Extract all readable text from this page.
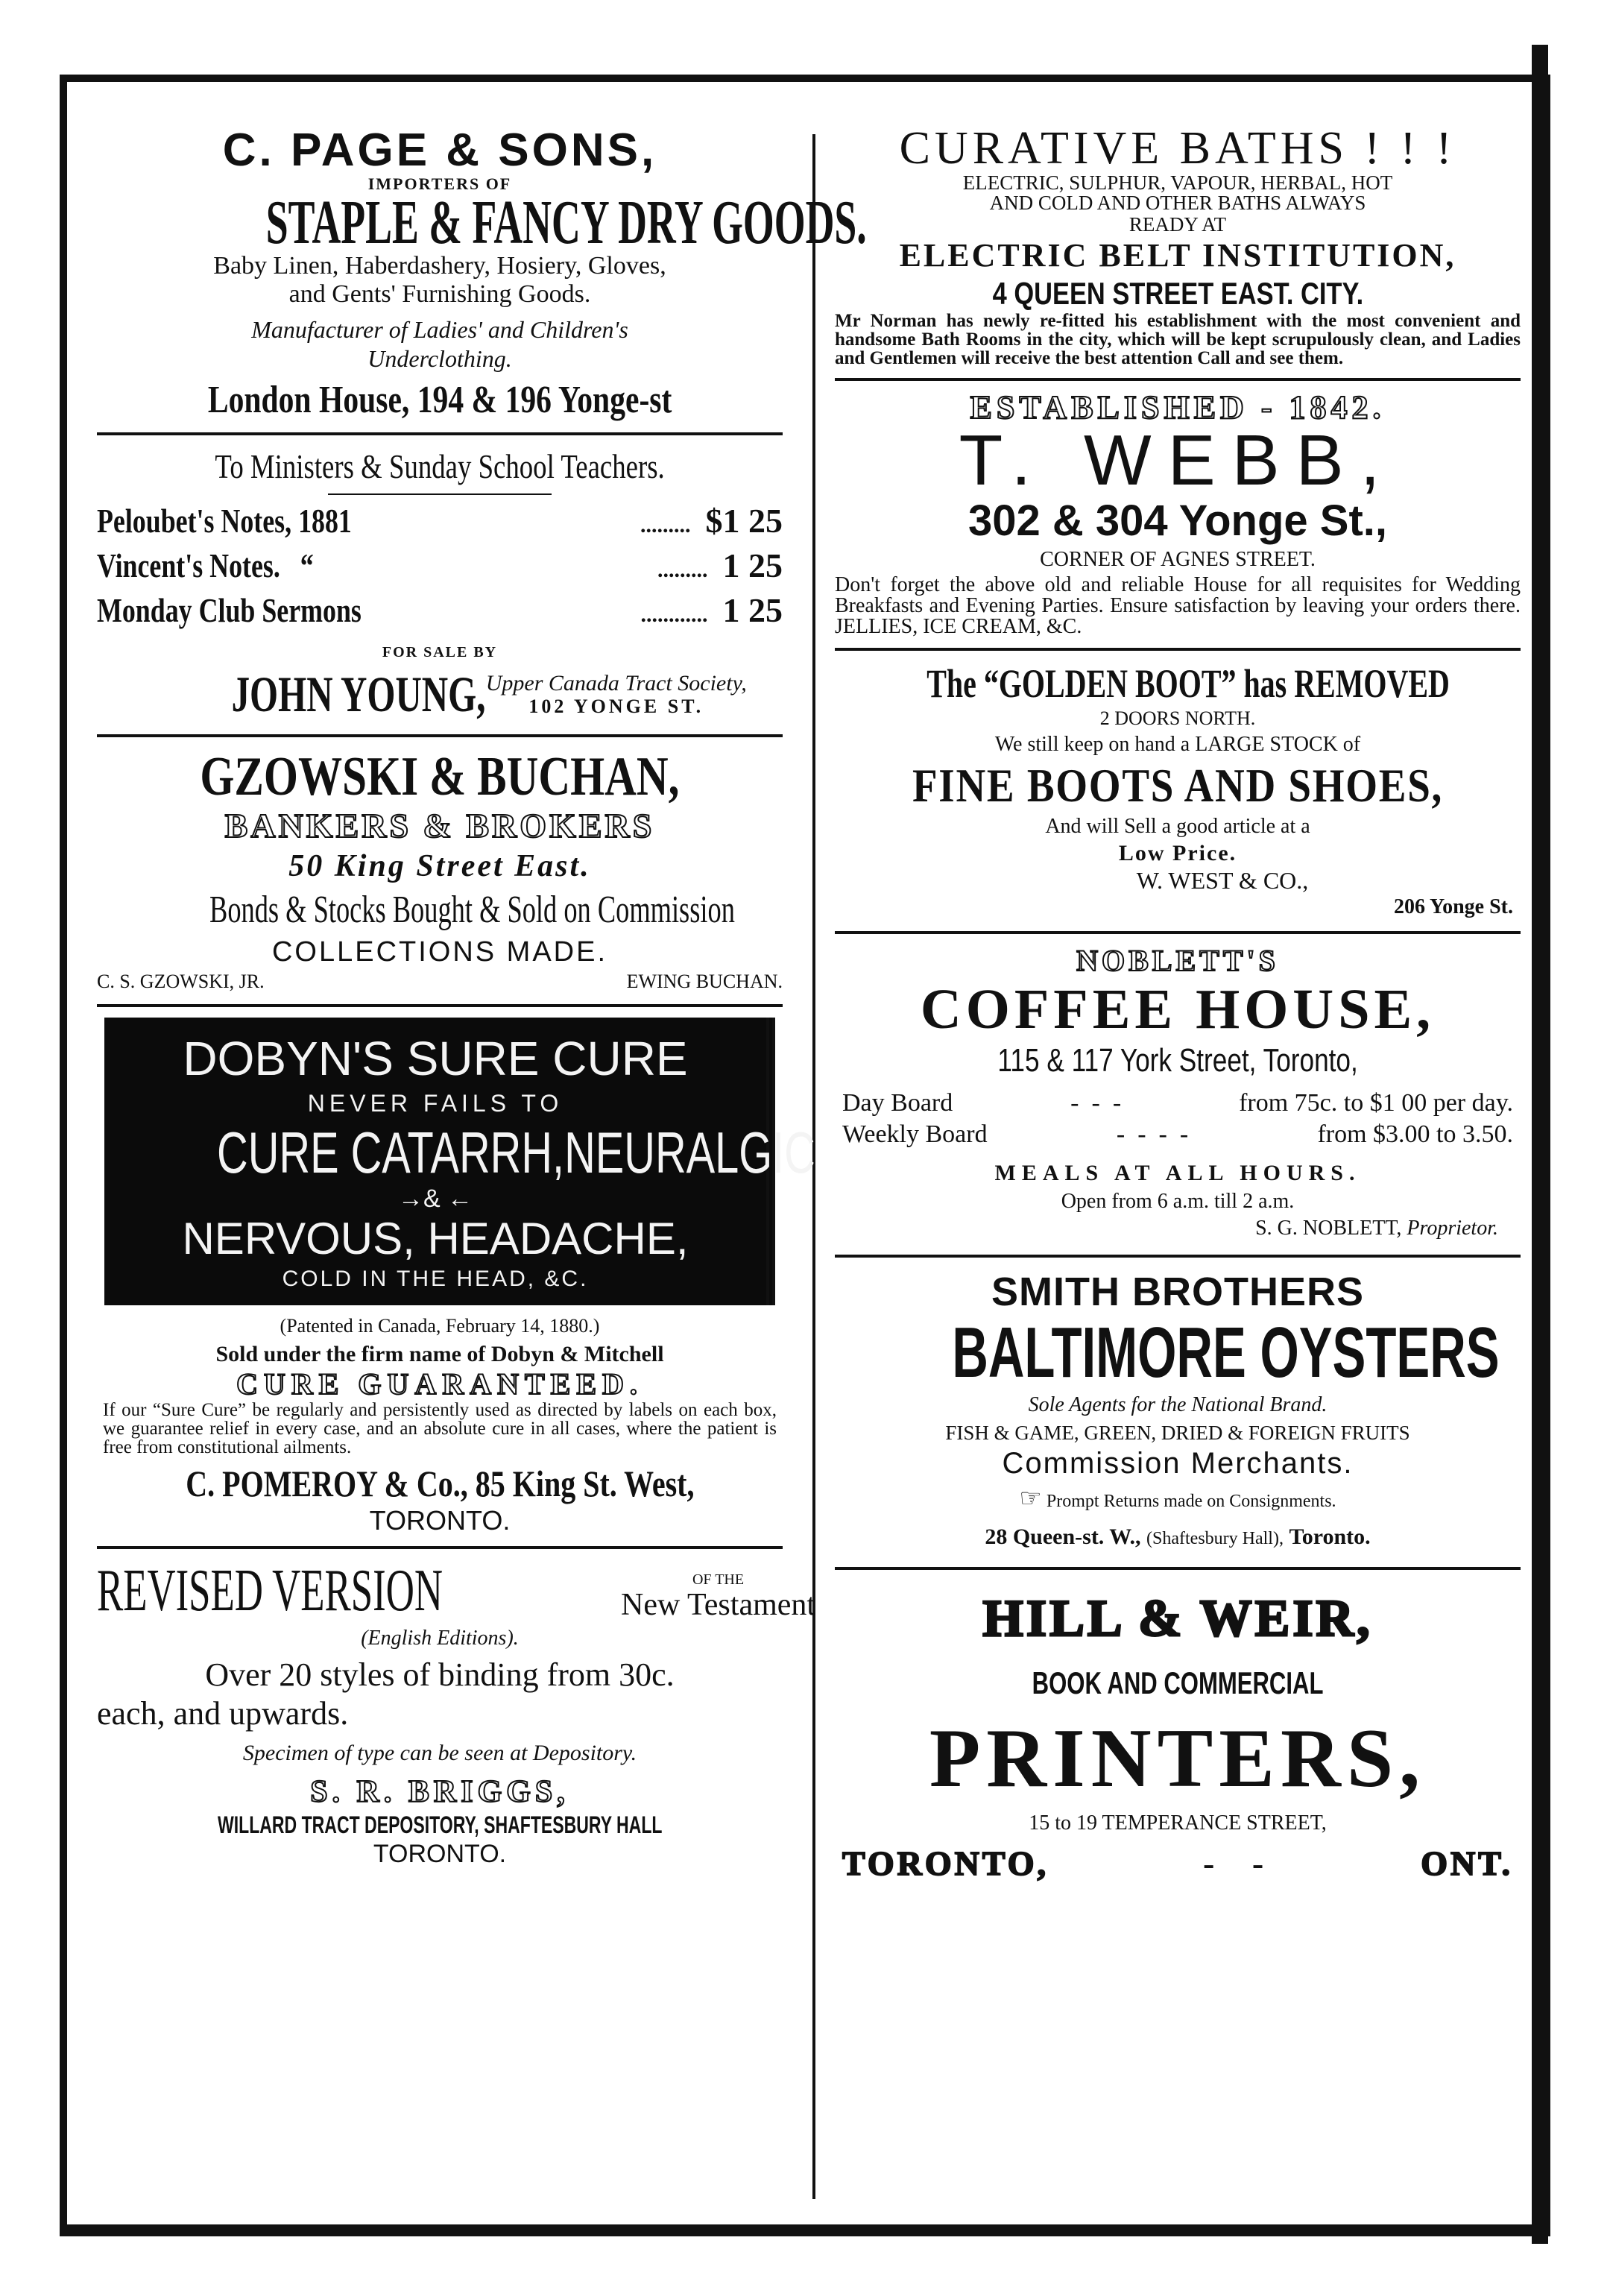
C. PAGE & SONS,
IMPORTERS OF
STAPLE & FANCY DRY GOODS.
Baby Linen, Haberdashery, Hosiery, Gloves,
and Gents' Furnishing Goods.
Manufacturer of Ladies' and Children's
Underclothing.
London House, 194 & 196 Yonge-st
To Ministers & Sunday School Teachers.
Peloubet's Notes, 1881	......... $1 25
Vincent's Notes.   “	......... 1 25
Monday Club Sermons	............ 1 25
FOR SALE BY
JOHN YOUNG, Upper Canada Tract Society,
102 YONGE ST.
GZOWSKI & BUCHAN,
BANKERS & BROKERS
50 King Street East.
Bonds & Stocks Bought & Sold on Commission
COLLECTIONS MADE.
C. S. GZOWSKI, JR.	EWING BUCHAN.
DOBYN'S SURE CURE
NEVER FAILS TO
CURE CATARRH,NEURALGIC
→& ←
NERVOUS, HEADACHE,
COLD IN THE HEAD, &C.
(Patented in Canada, February 14, 1880.)
Sold under the firm name of Dobyn & Mitchell
CURE GUARANTEED.

If our “Sure Cure” be regularly and persistently used as directed by labels on each box, we guarantee relief in every case, and an absolute cure in all cases, where the patient is free from constitutional ailments.

C. POMEROY & Co., 85 King St. West,
TORONTO.
REVISED VERSION	OF THE
New Testament
(English Editions).
Over 20 styles of binding from 30c.
each, and upwards.
Specimen of type can be seen at Depository.
S. R. BRIGGS,
WILLARD TRACT DEPOSITORY, SHAFTESBURY HALL
TORONTO.
CURATIVE BATHS ! ! !
ELECTRIC, SULPHUR, VAPOUR, HERBAL, HOT
AND COLD AND OTHER BATHS ALWAYS
READY AT
ELECTRIC BELT INSTITUTION,
4 QUEEN STREET EAST. CITY.

Mr Norman has newly re-fitted his establishment with the most convenient and handsome Bath Rooms in the city, which will be kept scrupulously clean, and Ladies and Gentlemen will receive the best attention Call and see them.

ESTABLISHED - 1842.
T. WEBB,
302 & 304 Yonge St.,
CORNER OF AGNES STREET.

Don't forget the above old and reliable House for all requisites for Wedding Breakfasts and Evening Parties. Ensure satisfaction by leaving your orders there. JELLIES, ICE CREAM, &C.

The “GOLDEN BOOT” has REMOVED
2 DOORS NORTH.
We still keep on hand a LARGE STOCK of
FINE BOOTS AND SHOES,
And will Sell a good article at a
Low Price.
W. WEST & CO.,
206 Yonge St.
NOBLETT'S
COFFEE HOUSE,
115 & 117 York Street, Toronto,
Day Board	-  -  -	from 75c. to $1 00 per day.
Weekly Board	-  -  -  -	from $3.00 to 3.50.
MEALS AT ALL HOURS.
Open from 6 a.m. till 2 a.m.
S. G. NOBLETT, Proprietor.
SMITH BROTHERS
BALTIMORE OYSTERS
Sole Agents for the National Brand.
FISH & GAME, GREEN, DRIED & FOREIGN FRUITS
Commission Merchants.
☞ Prompt Returns made on Consignments.
28 Queen-st. W., (Shaftesbury Hall), Toronto.
HILL & WEIR,
BOOK AND COMMERCIAL
PRINTERS,
15 to 19 TEMPERANCE STREET,
TORONTO,	-   -	ONT.
